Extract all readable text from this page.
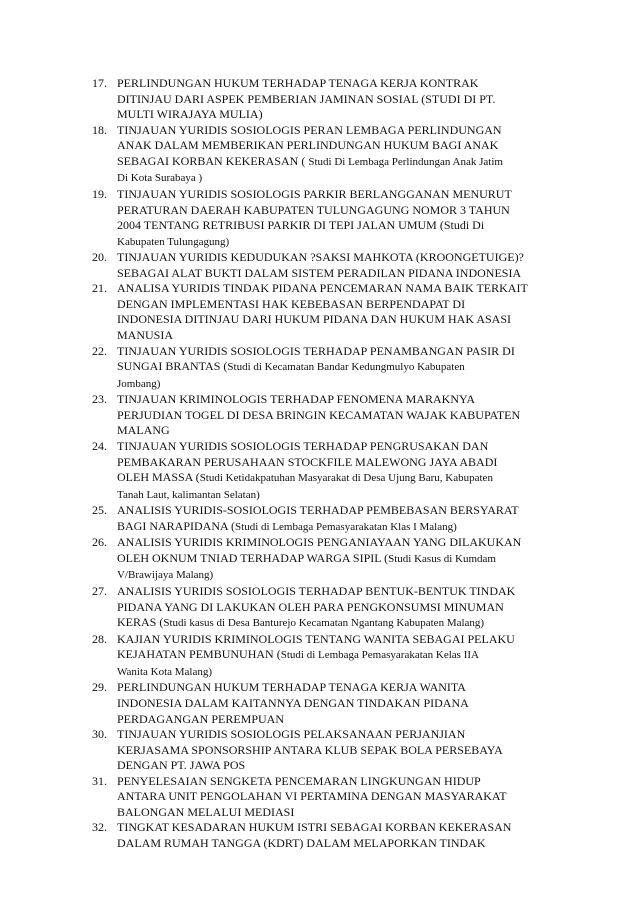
17. PERLINDUNGAN HUKUM TERHADAP TENAGA KERJA KONTRAK
DITINJAU DARI ASPEK PEMBERIAN JAMINAN SOSIAL (STUDI DI PT.
MULTI WIRAJAYA MULIA)
18. TINJAUAN YURIDIS SOSIOLOGIS PERAN LEMBAGA PERLINDUNGAN
ANAK DALAM MEMBERIKAN PERLINDUNGAN HUKUM BAGI ANAK
SEBAGAI KORBAN KEKERASAN ( Studi Di Lembaga Perlindungan Anak Jatim
Di Kota Surabaya )
19. TINJAUAN YURIDIS SOSIOLOGIS PARKIR BERLANGGANAN MENURUT
PERATURAN DAERAH KABUPATEN TULUNGAGUNG NOMOR 3 TAHUN
2004 TENTANG RETRIBUSI PARKIR DI TEPI JALAN UMUM (Studi Di
Kabupaten Tulungagung)
20. TINJAUAN YURIDIS KEDUDUKAN ?SAKSI MAHKOTA (KROONGETUIGE)?
SEBAGAI ALAT BUKTI DALAM SISTEM PERADILAN PIDANA INDONESIA
21. ANALISA YURIDIS TINDAK PIDANA PENCEMARAN NAMA BAIK TERKAIT
DENGAN IMPLEMENTASI HAK KEBEBASAN BERPENDAPAT DI
INDONESIA DITINJAU DARI HUKUM PIDANA DAN HUKUM HAK ASASI
MANUSIA
22. TINJAUAN YURIDIS SOSIOLOGIS TERHADAP PENAMBANGAN PASIR DI
SUNGAI BRANTAS (Studi di Kecamatan Bandar Kedungmulyo Kabupaten
Jombang)
23. TINJAUAN KRIMINOLOGIS TERHADAP FENOMENA MARAKNYA
PERJUDIAN TOGEL DI DESA BRINGIN KECAMATAN WAJAK KABUPATEN
MALANG
24. TINJAUAN YURIDIS SOSIOLOGIS TERHADAP PENGRUSAKAN DAN
PEMBAKARAN PERUSAHAAN STOCKFILE MALEWONG JAYA ABADI
OLEH MASSA (Studi Ketidakpatuhan Masyarakat di Desa Ujung Baru, Kabupaten
Tanah Laut, kalimantan Selatan)
25. ANALISIS YURIDIS-SOSIOLOGIS TERHADAP PEMBEBASAN BERSYARAT
BAGI NARAPIDANA (Studi di Lembaga Pemasyarakatan Klas I Malang)
26. ANALISIS YURIDIS KRIMINOLOGIS PENGANIAYAAN YANG DILAKUKAN
OLEH OKNUM TNIAD TERHADAP WARGA SIPIL (Studi Kasus di Kumdam
V/Brawijaya Malang)
27. ANALISIS YURIDIS SOSIOLOGIS TERHADAP BENTUK-BENTUK TINDAK
PIDANA YANG DI LAKUKAN OLEH PARA PENGKONSUMSI MINUMAN
KERAS (Studi kasus di Desa Banturejo Kecamatan Ngantang Kabupaten Malang)
28. KAJIAN YURIDIS KRIMINOLOGIS TENTANG WANITA SEBAGAI PELAKU
KEJAHATAN PEMBUNUHAN (Studi di Lembaga Pemasyarakatan Kelas IIA
Wanita Kota Malang)
29. PERLINDUNGAN HUKUM TERHADAP TENAGA KERJA WANITA
INDONESIA DALAM KAITANNYA DENGAN TINDAKAN PIDANA
PERDAGANGAN PEREMPUAN
30. TINJAUAN YURIDIS SOSIOLOGIS PELAKSANAAN PERJANJIAN
KERJASAMA SPONSORSHIP ANTARA KLUB SEPAK BOLA PERSEBAYA
DENGAN PT. JAWA POS
31. PENYELESAIAN SENGKETA PENCEMARAN LINGKUNGAN HIDUP
ANTARA UNIT PENGOLAHAN VI PERTAMINA DENGAN MASYARAKAT
BALONGAN MELALUI MEDIASI
32. TINGKAT KESADARAN HUKUM ISTRI SEBAGAI KORBAN KEKERASAN
DALAM RUMAH TANGGA (KDRT) DALAM MELAPORKAN TINDAK
